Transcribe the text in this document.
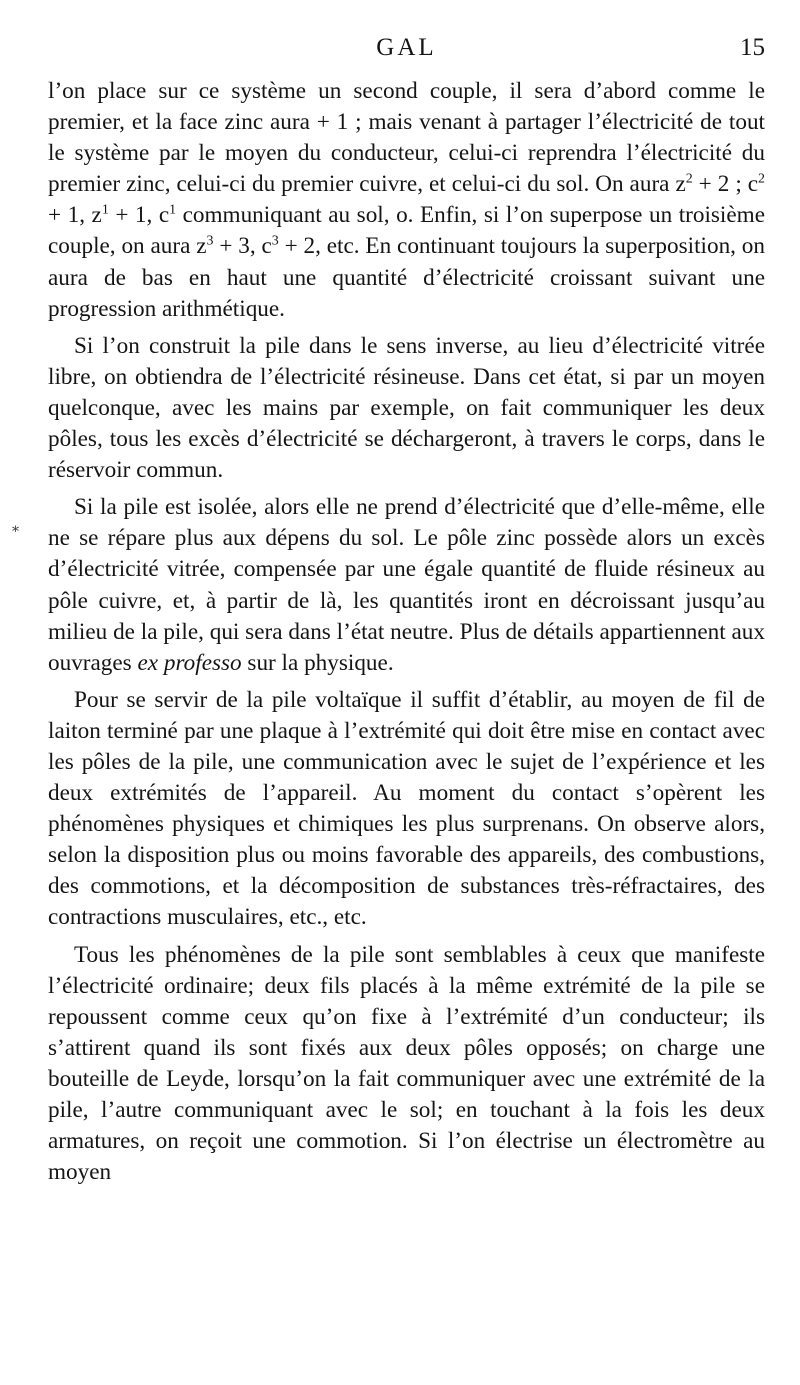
GAL	15
*

l’on place sur ce système un second couple, il sera d’abord comme le premier, et la face zinc aura + 1 ; mais venant à partager l’électricité de tout le système par le moyen du conducteur, celui-ci reprendra l’électricité du premier zinc, celui-ci du premier cuivre, et celui-ci du sol. On aura $z^2 + 2$ ; $c^2 + 1$, $z^1 + 1$, $c^1$ communiquant au sol, o. Enfin, si l’on superpose un troisième couple, on aura $z^3 + 3$, $c^3 + 2$, etc. En continuant toujours la superposition, on aura de bas en haut une quantité d’électricité croissant suivant une progression arithmétique.

Si l’on construit la pile dans le sens inverse, au lieu d’électricité vitrée libre, on obtiendra de l’électricité résineuse. Dans cet état, si par un moyen quelconque, avec les mains par exemple, on fait communiquer les deux pôles, tous les excès d’électricité se déchargeront, à travers le corps, dans le réservoir commun.

Si la pile est isolée, alors elle ne prend d’électricité que d’elle-même, elle ne se répare plus aux dépens du sol. Le pôle zinc possède alors un excès d’électricité vitrée, compensée par une égale quantité de fluide résineux au pôle cuivre, et, à partir de là, les quantités iront en décroissant jusqu’au milieu de la pile, qui sera dans l’état neutre. Plus de détails appartiennent aux ouvrages ex professo sur la physique.

Pour se servir de la pile voltaïque il suffit d’établir, au moyen de fil de laiton terminé par une plaque à l’extrémité qui doit être mise en contact avec les pôles de la pile, une communication avec le sujet de l’expérience et les deux extrémités de l’appareil. Au moment du contact s’opèrent les phénomènes physiques et chimiques les plus surprenans. On observe alors, selon la disposition plus ou moins favorable des appareils, des combustions, des commotions, et la décomposition de substances très-réfractaires, des contractions musculaires, etc., etc.

Tous les phénomènes de la pile sont semblables à ceux que manifeste l’électricité ordinaire; deux fils placés à la même extrémité de la pile se repoussent comme ceux qu’on fixe à l’extrémité d’un conducteur; ils s’attirent quand ils sont fixés aux deux pôles opposés; on charge une bouteille de Leyde, lorsqu’on la fait communiquer avec une extrémité de la pile, l’autre communiquant avec le sol; en touchant à la fois les deux armatures, on reçoit une commotion. Si l’on électrise un électromètre au moyen
